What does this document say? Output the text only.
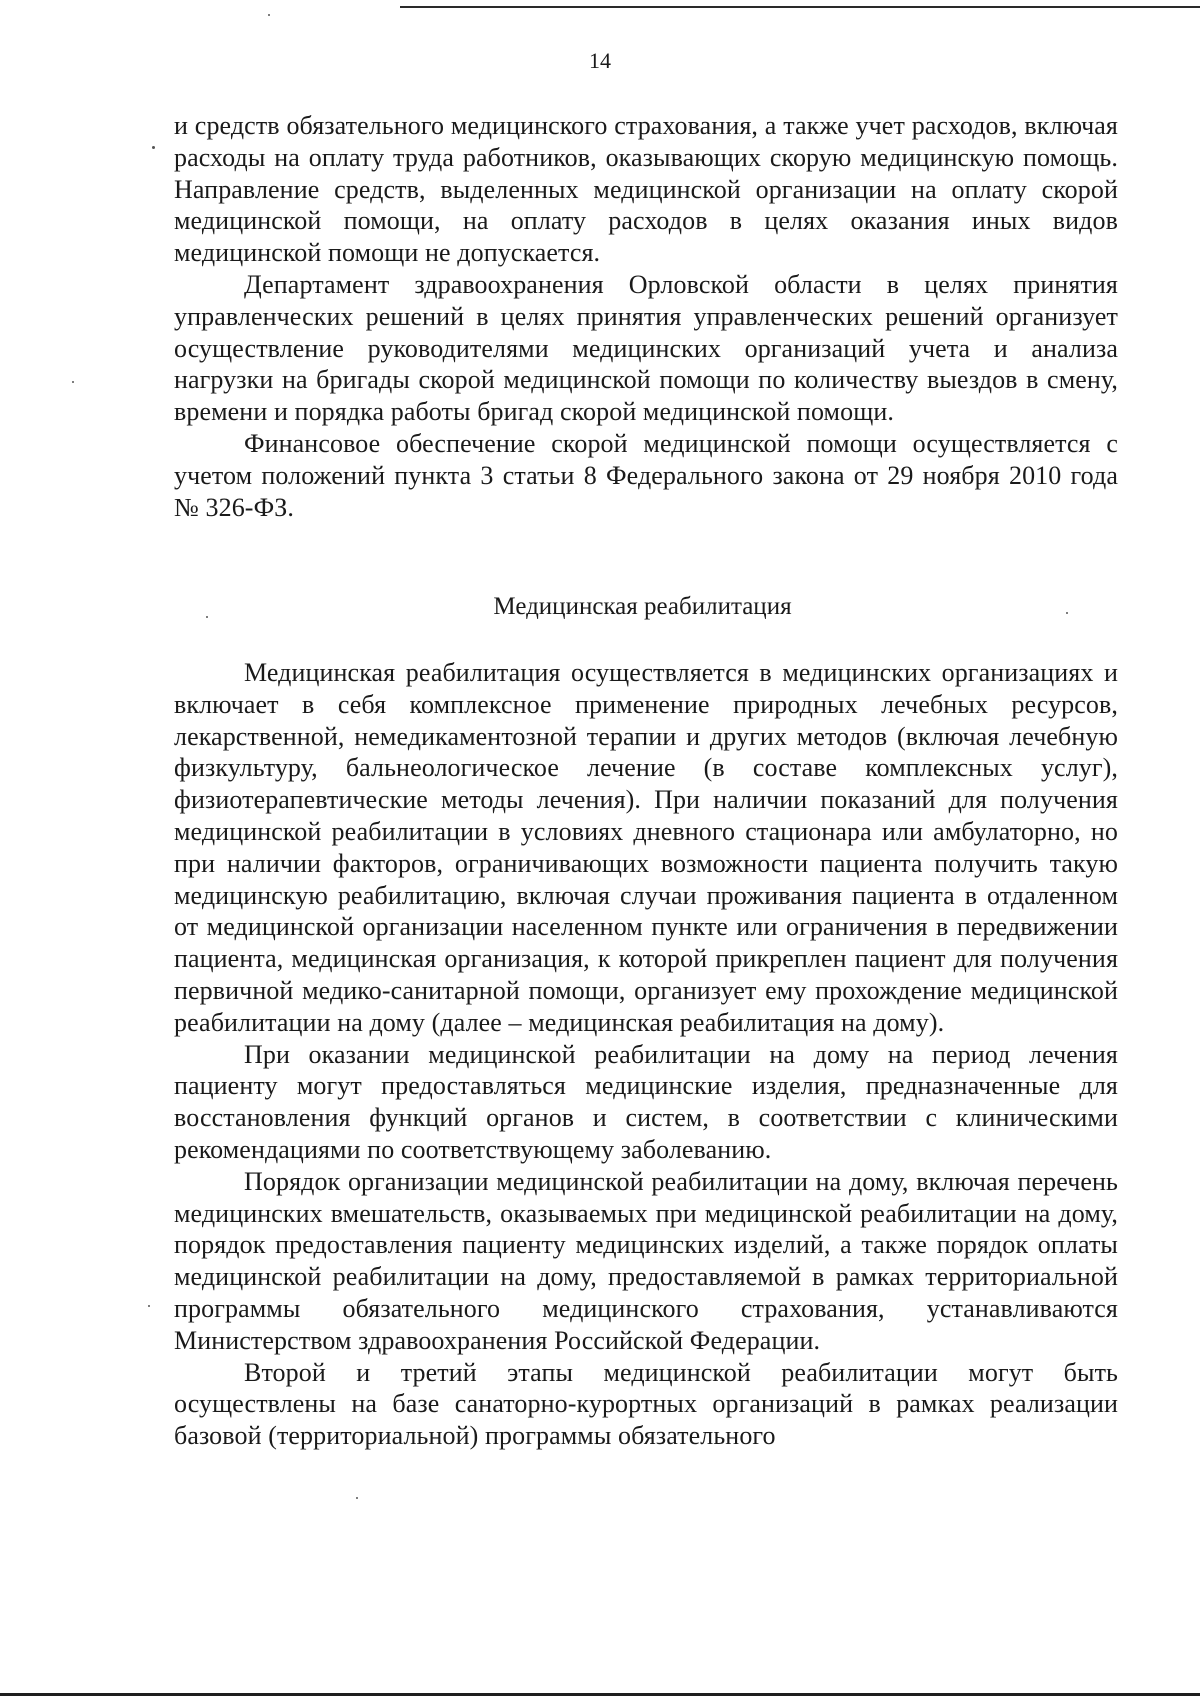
14

и средств обязательного медицинского страхования, а также учет расходов, включая расходы на оплату труда работников, оказывающих скорую медицинскую помощь. Направление средств, выделенных медицинской организации на оплату скорой медицинской помощи, на оплату расходов в целях оказания иных видов медицинской помощи не допускается.

Департамент здравоохранения Орловской области в целях принятия управленческих решений в целях принятия управленческих решений организует осуществление руководителями медицинских организаций учета и анализа нагрузки на бригады скорой медицинской помощи по количеству выездов в смену, времени и порядка работы бригад скорой медицинской помощи.

Финансовое обеспечение скорой медицинской помощи осуществляется с учетом положений пункта 3 статьи 8 Федерального закона от 29 ноября 2010 года № 326-ФЗ.

Медицинская реабилитация

Медицинская реабилитация осуществляется в медицинских организациях и включает в себя комплексное применение природных лечебных ресурсов, лекарственной, немедикаментозной терапии и других методов (включая лечебную физкультуру, бальнеологическое лечение (в составе комплексных услуг), физиотерапевтические методы лечения). При наличии показаний для получения медицинской реабилитации в условиях дневного стационара или амбулаторно, но при наличии факторов, ограничивающих возможности пациента получить такую медицинскую реабилитацию, включая случаи проживания пациента в отдаленном от медицинской организации населенном пункте или ограничения в передвижении пациента, медицинская организация, к которой прикреплен пациент для получения первичной медико-санитарной помощи, организует ему прохождение медицинской реабилитации на дому (далее – медицинская реабилитация на дому).

При оказании медицинской реабилитации на дому на период лечения пациенту могут предоставляться медицинские изделия, предназначенные для восстановления функций органов и систем, в соответствии с клиническими рекомендациями по соответствующему заболеванию.

Порядок организации медицинской реабилитации на дому, включая перечень медицинских вмешательств, оказываемых при медицинской реабилитации на дому, порядок предоставления пациенту медицинских изделий, а также порядок оплаты медицинской реабилитации на дому, предоставляемой в рамках территориальной программы обязательного медицинского страхования, устанавливаются Министерством здравоохранения Российской Федерации.

Второй и третий этапы медицинской реабилитации могут быть осуществлены на базе санаторно-курортных организаций в рамках реализации базовой (территориальной) программы обязательного
